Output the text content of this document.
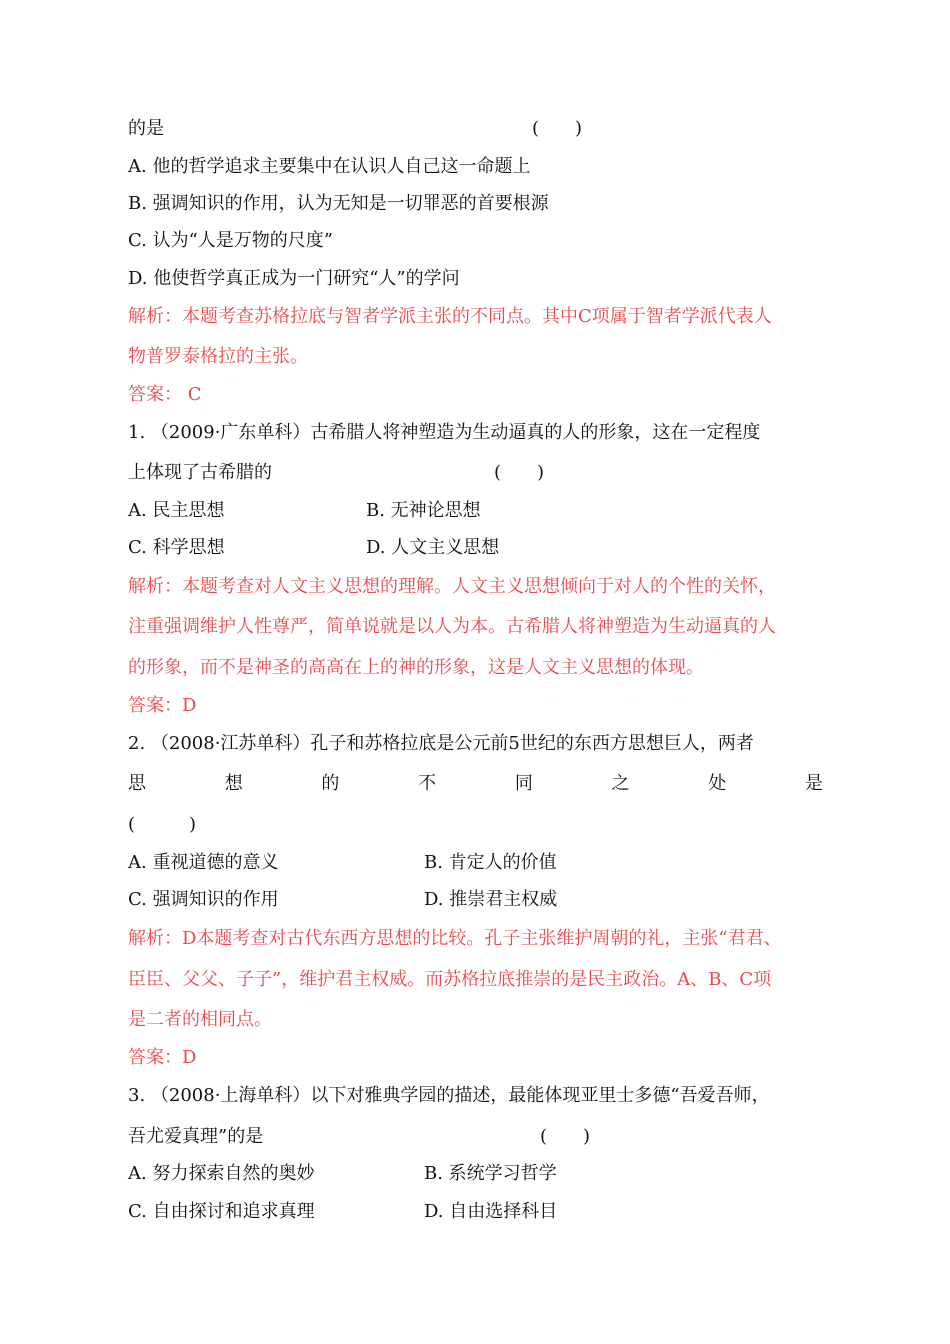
的是	(　　)
A. 他的哲学追求主要集中在认识人自己这一命题上
B. 强调知识的作用，认为无知是一切罪恶的首要根源
C. 认为“人是万物的尺度”
D. 他使哲学真正成为一门研究“人”的学问
解析：本题考查苏格拉底与智者学派主张的不同点。其中C项属于智者学派代表人
物普罗泰格拉的主张。
答案： C
1. （2009·广东单科）古希腊人将神塑造为生动逼真的人的形象，这在一定程度
上体现了古希腊的	(　　)
A. 民主思想	B. 无神论思想
C. 科学思想	D. 人文主义思想
解析：本题考查对人文主义思想的理解。人文主义思想倾向于对人的个性的关怀，
注重强调维护人性尊严，简单说就是以人为本。古希腊人将神塑造为生动逼真的人
的形象，而不是神圣的高高在上的神的形象，这是人文主义思想的体现。
答案：D
2. （2008·江苏单科）孔子和苏格拉底是公元前5世纪的东西方思想巨人，两者
思	想	的	不	同	之	处	是
(　　　)
A. 重视道德的意义	B. 肯定人的价值
C. 强调知识的作用	D. 推崇君主权威
解析：D本题考查对古代东西方思想的比较。孔子主张维护周朝的礼，主张“君君、
臣臣、父父、子子”，维护君主权威。而苏格拉底推崇的是民主政治。A、B、C项
是二者的相同点。
答案：D
3. （2008·上海单科）以下对雅典学园的描述，最能体现亚里士多德“吾爱吾师，
吾尤爱真理”的是	(　　)
A. 努力探索自然的奥妙	B. 系统学习哲学
C. 自由探讨和追求真理	D. 自由选择科目
